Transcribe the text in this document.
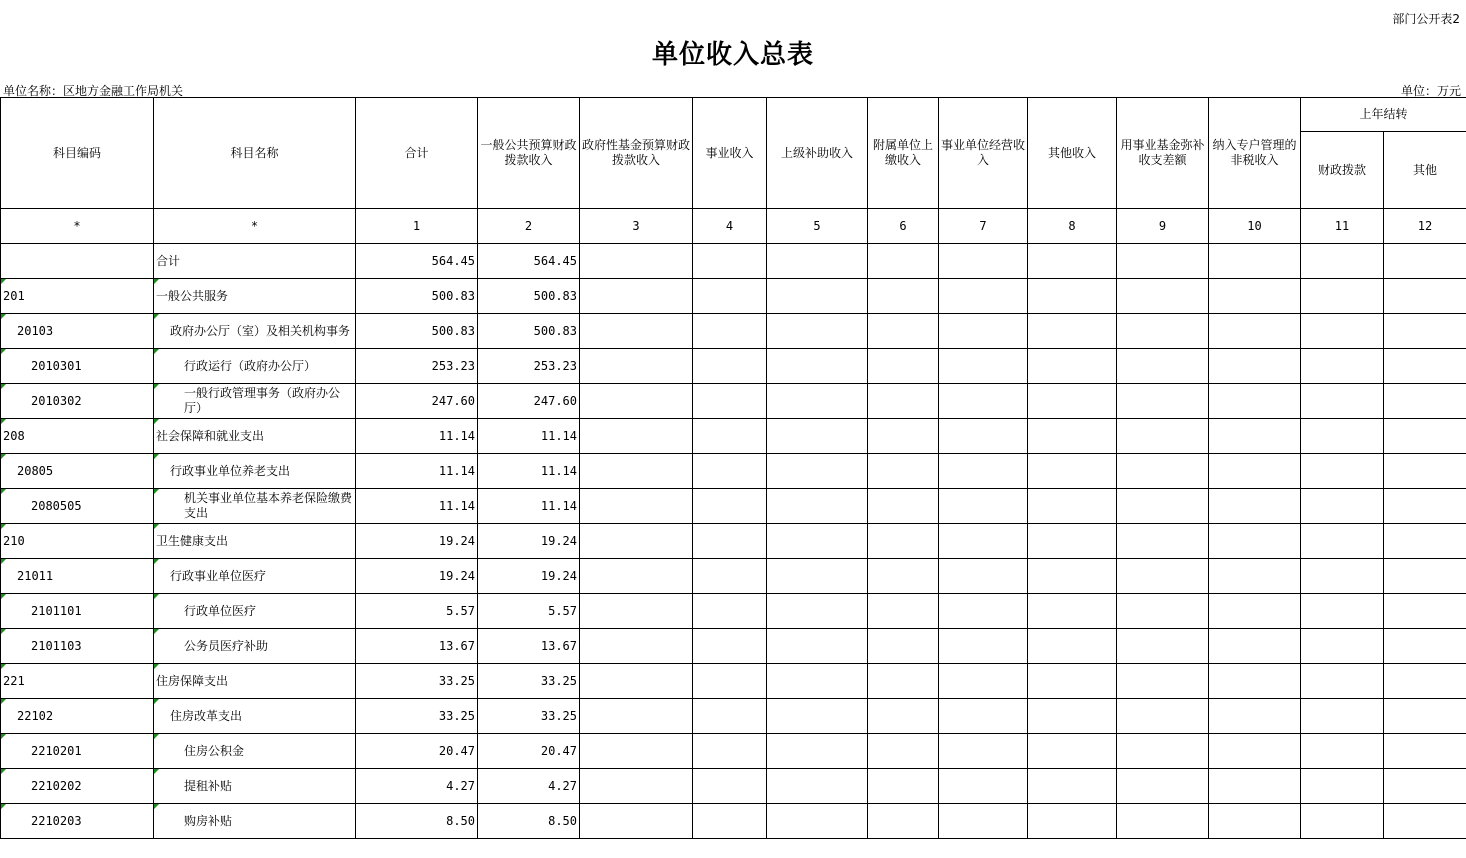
部门公开表2
单位收入总表
单位名称：区地方金融工作局机关	单位：万元
科目编码	科目名称	合计	一般公共预算财政拨款收入	政府性基金预算财政拨款收入	事业收入	上级补助收入	附属单位上缴收入	事业单位经营收入	其他收入	用事业基金弥补收支差额	纳入专户管理的非税收入	上年结转	
												财政拨款	其他
*	*	1	2	3	4	5	6	7	8	9	10	11	12
	合计	564.45	564.45										

201	一般公共服务	500.83	500.83										

20103	政府办公厅（室）及相关机构事务	500.83	500.83										

2010301	行政运行（政府办公厅）	253.23	253.23										

2010302	一般行政管理事务（政府办公厅）	247.60	247.60										

208	社会保障和就业支出	11.14	11.14										

20805	行政事业单位养老支出	11.14	11.14										

2080505	机关事业单位基本养老保险缴费支出	11.14	11.14										

210	卫生健康支出	19.24	19.24										

21011	行政事业单位医疗	19.24	19.24										

2101101	行政单位医疗	5.57	5.57										

2101103	公务员医疗补助	13.67	13.67										

221	住房保障支出	33.25	33.25										

22102	住房改革支出	33.25	33.25										

2210201	住房公积金	20.47	20.47										

2210202	提租补贴	4.27	4.27										

2210203	购房补贴	8.50	8.50										
